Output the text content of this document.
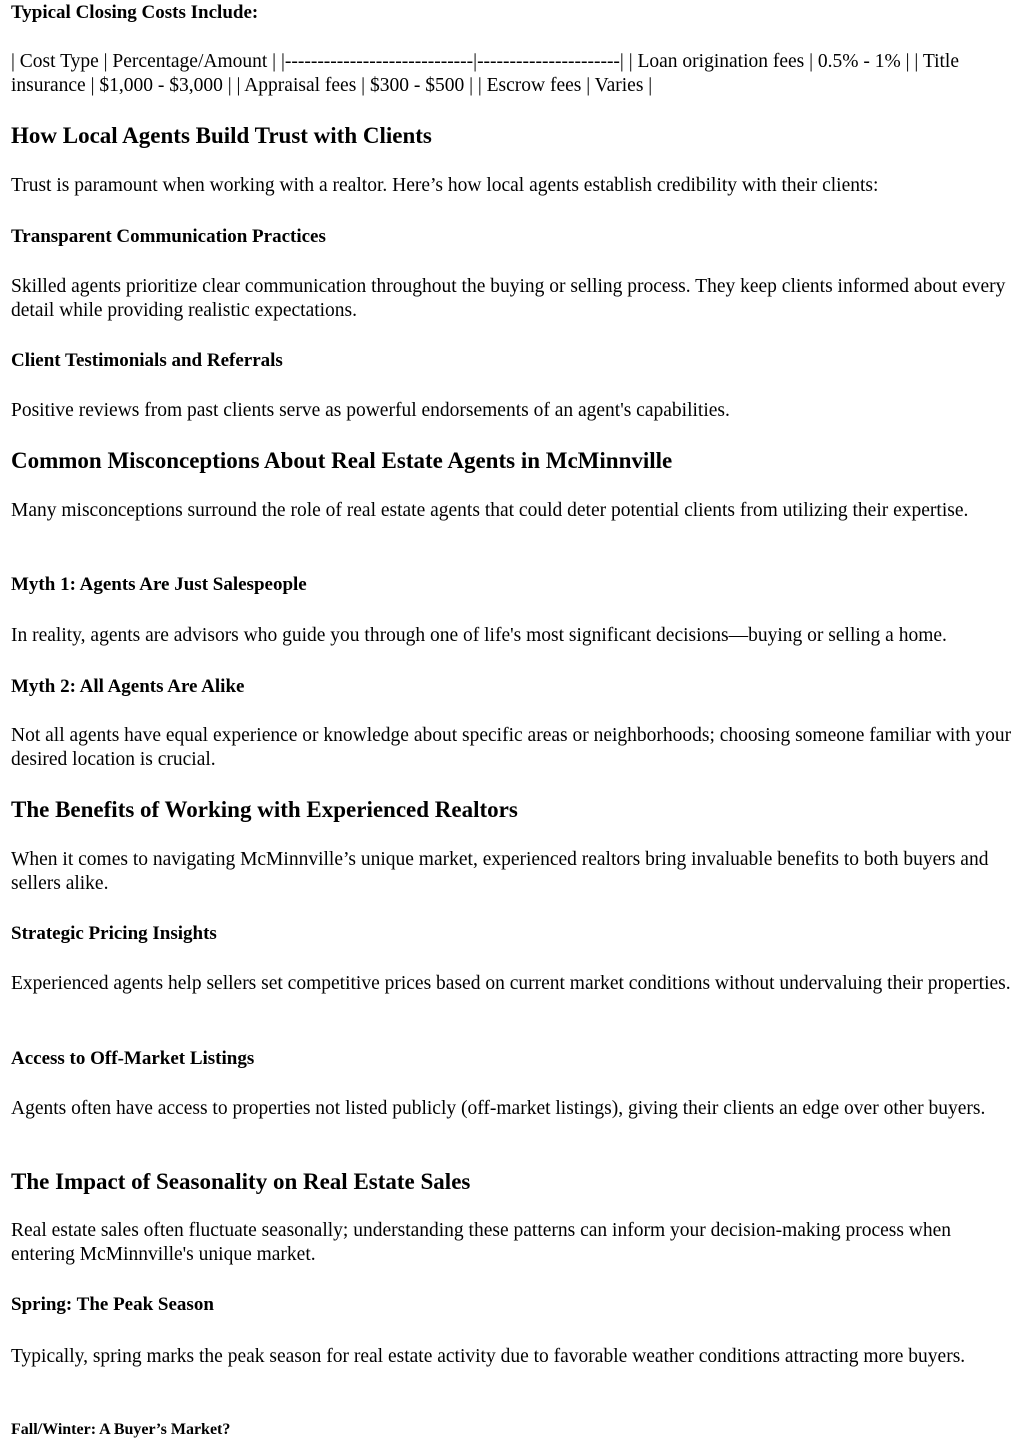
Typical Closing Costs Include:
| Cost Type | Percentage/Amount | |-----------------------------|----------------------| | Loan origination fees | 0.5% - 1% | | Title insurance | $1,000 - $3,000 | | Appraisal fees | $300 - $500 | | Escrow fees | Varies |
How Local Agents Build Trust with Clients
Trust is paramount when working with a realtor. Here’s how local agents establish credibility with their clients:
Transparent Communication Practices
Skilled agents prioritize clear communication throughout the buying or selling process. They keep clients informed about every detail while providing realistic expectations.
Client Testimonials and Referrals
Positive reviews from past clients serve as powerful endorsements of an agent's capabilities.
Common Misconceptions About Real Estate Agents in McMinnville
Many misconceptions surround the role of real estate agents that could deter potential clients from utilizing their expertise.
Myth 1: Agents Are Just Salespeople
In reality, agents are advisors who guide you through one of life's most significant decisions—buying or selling a home.
Myth 2: All Agents Are Alike
Not all agents have equal experience or knowledge about specific areas or neighborhoods; choosing someone familiar with your desired location is crucial.
The Benefits of Working with Experienced Realtors
When it comes to navigating McMinnville’s unique market, experienced realtors bring invaluable benefits to both buyers and sellers alike.
Strategic Pricing Insights
Experienced agents help sellers set competitive prices based on current market conditions without undervaluing their properties.
Access to Off-Market Listings
Agents often have access to properties not listed publicly (off-market listings), giving their clients an edge over other buyers.
The Impact of Seasonality on Real Estate Sales
Real estate sales often fluctuate seasonally; understanding these patterns can inform your decision-making process when entering McMinnville's unique market.
Spring: The Peak Season
Typically, spring marks the peak season for real estate activity due to favorable weather conditions attracting more buyers.
Fall/Winter: A Buyer’s Market?
